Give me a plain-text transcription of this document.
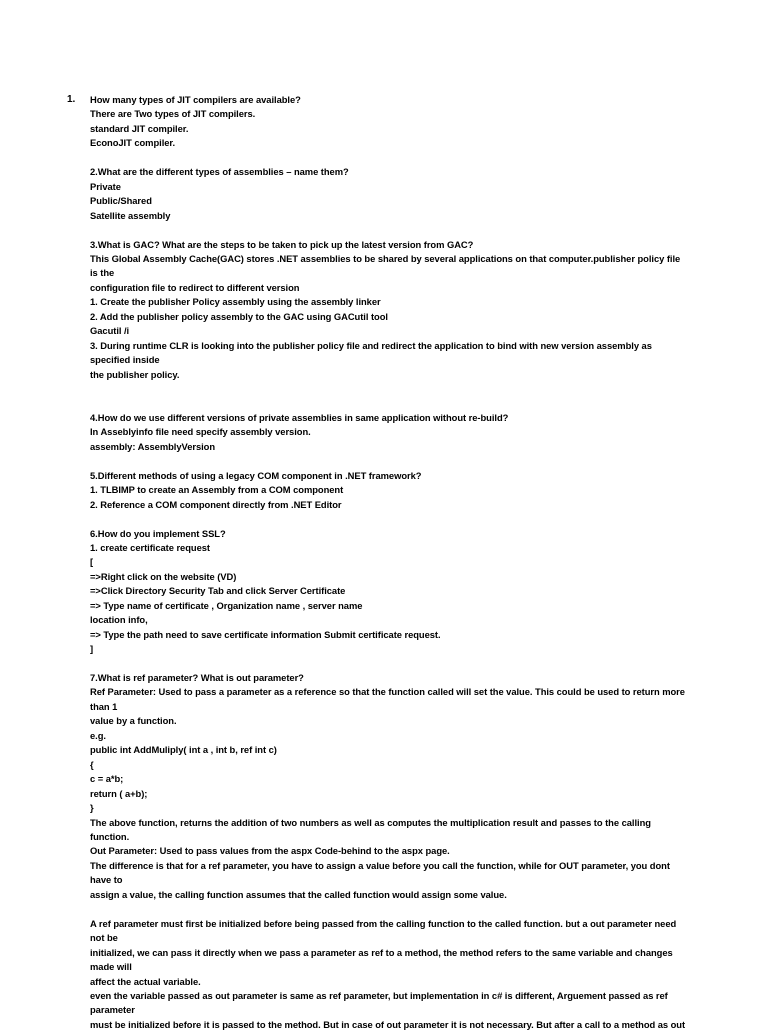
1. How many types of JIT compilers are available?
There are Two types of JIT compilers.
standard JIT compiler.
EconoJIT compiler.
2.What are the different types of assemblies – name them?
Private
Public/Shared
Satellite assembly
3.What is GAC? What are the steps to be taken to pick up the latest version from GAC?
This Global Assembly Cache(GAC) stores .NET assemblies to be shared by several applications on that computer.publisher policy file is the
configuration file to redirect to different version
1. Create the publisher Policy assembly using the assembly linker
2. Add the publisher policy assembly to the GAC using GACutil tool
Gacutil /i
3. During runtime CLR is looking into the publisher policy file and redirect the application to bind with new version assembly as specified inside
the publisher policy.
4.How do we use different versions of private assemblies in same application without re-build?
In Asseblyinfo file need specify assembly version.
assembly: AssemblyVersion
5.Different methods of using a legacy COM component in .NET framework?
1. TLBIMP to create an Assembly from a COM component
2. Reference a COM component directly from .NET Editor
6.How do you implement SSL?
1. create certificate request
[
=>Right click on the website (VD)
=>Click Directory Security Tab and click Server Certificate
=> Type name of certificate , Organization name , server name
location info,
=> Type the path need to save certificate information Submit certificate request.
]
7.What is ref parameter? What is out parameter?
Ref Parameter: Used to pass a parameter as a reference so that the function called will set the value. This could be used to return more than 1
value by a function.
e.g.
public int AddMuliply( int a , int b, ref int c)
{
c = a*b;
return ( a+b);
}
The above function, returns the addition of two numbers as well as computes the multiplication result and passes to the calling function.
Out Parameter: Used to pass values from the aspx Code-behind to the aspx page.
The difference is that for a ref parameter, you have to assign a value before you call the function, while for OUT parameter, you dont have to
assign a value, the calling function assumes that the called function would assign some value.
A ref parameter must first be initialized before being passed from the calling function to the called function. but a out parameter need not be
initialized, we can pass it directly when we pass a parameter as ref to a method, the method refers to the same variable and changes made will
affect the actual variable.
even the variable passed as out parameter is same as ref parameter, but implementation in c# is different, Arguement passed as ref parameter
must be initialized before it is passed to the method. But in case of out parameter it is not necessary. But after a call to a method as out
